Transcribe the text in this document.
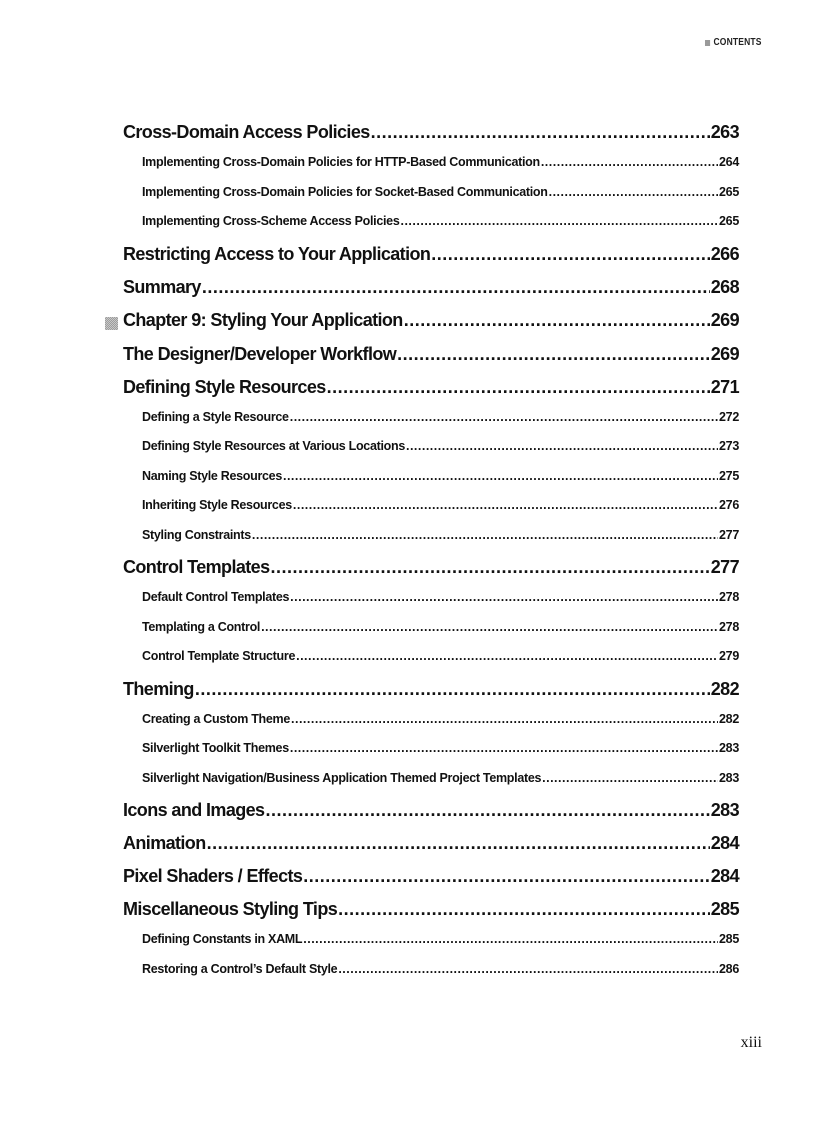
CONTENTS
Cross-Domain Access Policies .....	263
Implementing Cross-Domain Policies for HTTP-Based Communication .....	264
Implementing Cross-Domain Policies for Socket-Based Communication .....	265
Implementing Cross-Scheme Access Policies .....	265
Restricting Access to Your Application .....	266
Summary .....	268
Chapter 9: Styling Your Application .....	269
The Designer/Developer Workflow .....	269
Defining Style Resources .....	271
Defining a Style Resource .....	272
Defining Style Resources at Various Locations .....	273
Naming Style Resources .....	275
Inheriting Style Resources .....	276
Styling Constraints .....	277
Control Templates .....	277
Default Control Templates .....	278
Templating a Control .....	278
Control Template Structure .....	279
Theming .....	282
Creating a Custom Theme .....	282
Silverlight Toolkit Themes .....	283
Silverlight Navigation/Business Application Themed Project Templates .....	283
Icons and Images .....	283
Animation .....	284
Pixel Shaders / Effects .....	284
Miscellaneous Styling Tips .....	285
Defining Constants in XAML .....	285
Restoring a Control’s Default Style .....	286
xiii
